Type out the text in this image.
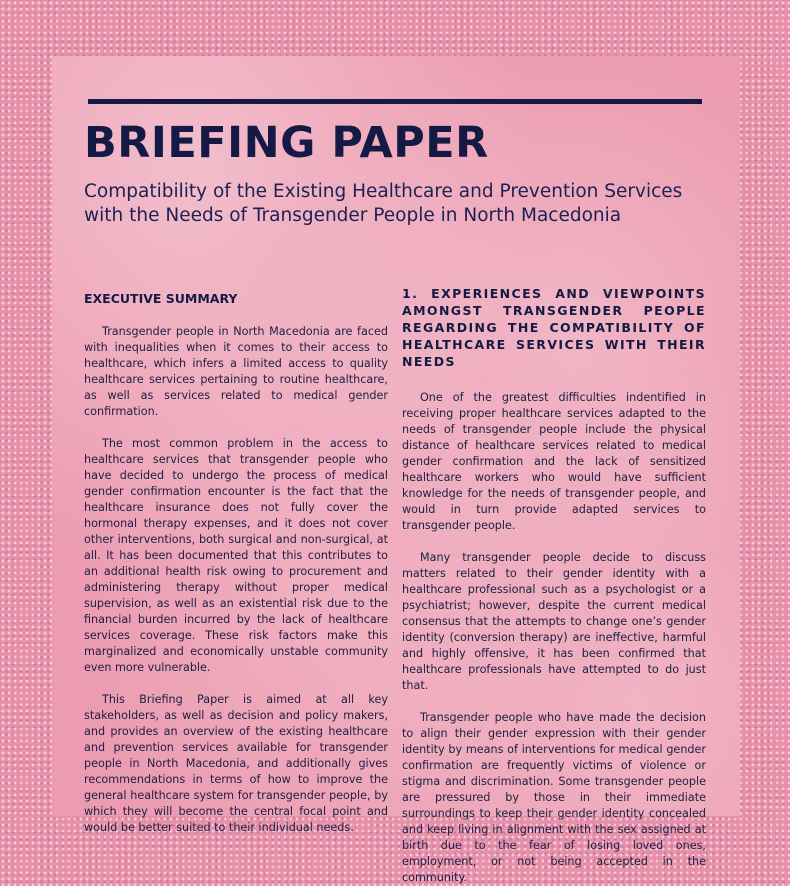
BRIEFING PAPER
Compatibility of the Existing Healthcare and Prevention Services with the Needs of Transgender People in North Macedonia
EXECUTIVE SUMMARY

Transgender people in North Macedonia are faced with inequalities when it comes to their access to healthcare, which infers a limited access to quality healthcare services pertaining to routine healthcare, as well as services related to medical gender confirmation.

The most common problem in the access to healthcare services that transgender people who have decided to undergo the process of medical gender confirmation encounter is the fact that the healthcare insurance does not fully cover the hormonal therapy expenses, and it does not cover other interventions, both surgical and non-surgical, at all. It has been documented that this contributes to an additional health risk owing to procurement and administering therapy without proper medical supervision, as well as an existential risk due to the financial burden incurred by the lack of healthcare services coverage. These risk factors make this marginalized and economically unstable community even more vulnerable.

This Briefing Paper is aimed at all key stakeholders, as well as decision and policy makers, and provides an overview of the existing healthcare and prevention services available for transgender people in North Macedonia, and additionally gives recommendations in terms of how to improve the general healthcare system for transgender people, by which they will become the central focal point and would be better suited to their individual needs.

1. EXPERIENCES AND VIEWPOINTS AMONGST TRANSGENDER PEOPLE REGARDING THE COMPATIBILITY OF HEALTHCARE SERVICES WITH THEIR NEEDS

One of the greatest difficulties indentified in receiving proper healthcare services adapted to the needs of transgender people include the physical distance of healthcare services related to medical gender confirmation and the lack of sensitized healthcare workers who would have sufficient knowledge for the needs of transgender people, and would in turn provide adapted services to transgender people.

Many transgender people decide to discuss matters related to their gender identity with a healthcare professional such as a psychologist or a psychiatrist; however, despite the current medical consensus that the attempts to change one’s gender identity (conversion therapy) are ineffective, harmful and highly offensive, it has been confirmed that healthcare professionals have attempted to do just that.

Transgender people who have made the decision to align their gender expression with their gender identity by means of interventions for medical gender confirmation are frequently victims of violence or stigma and discrimination. Some transgender people are pressured by those in their immediate surroundings to keep their gender identity concealed and keep living in alignment with the sex assigned at birth due to the fear of losing loved ones, employment, or not being accepted in the community.
